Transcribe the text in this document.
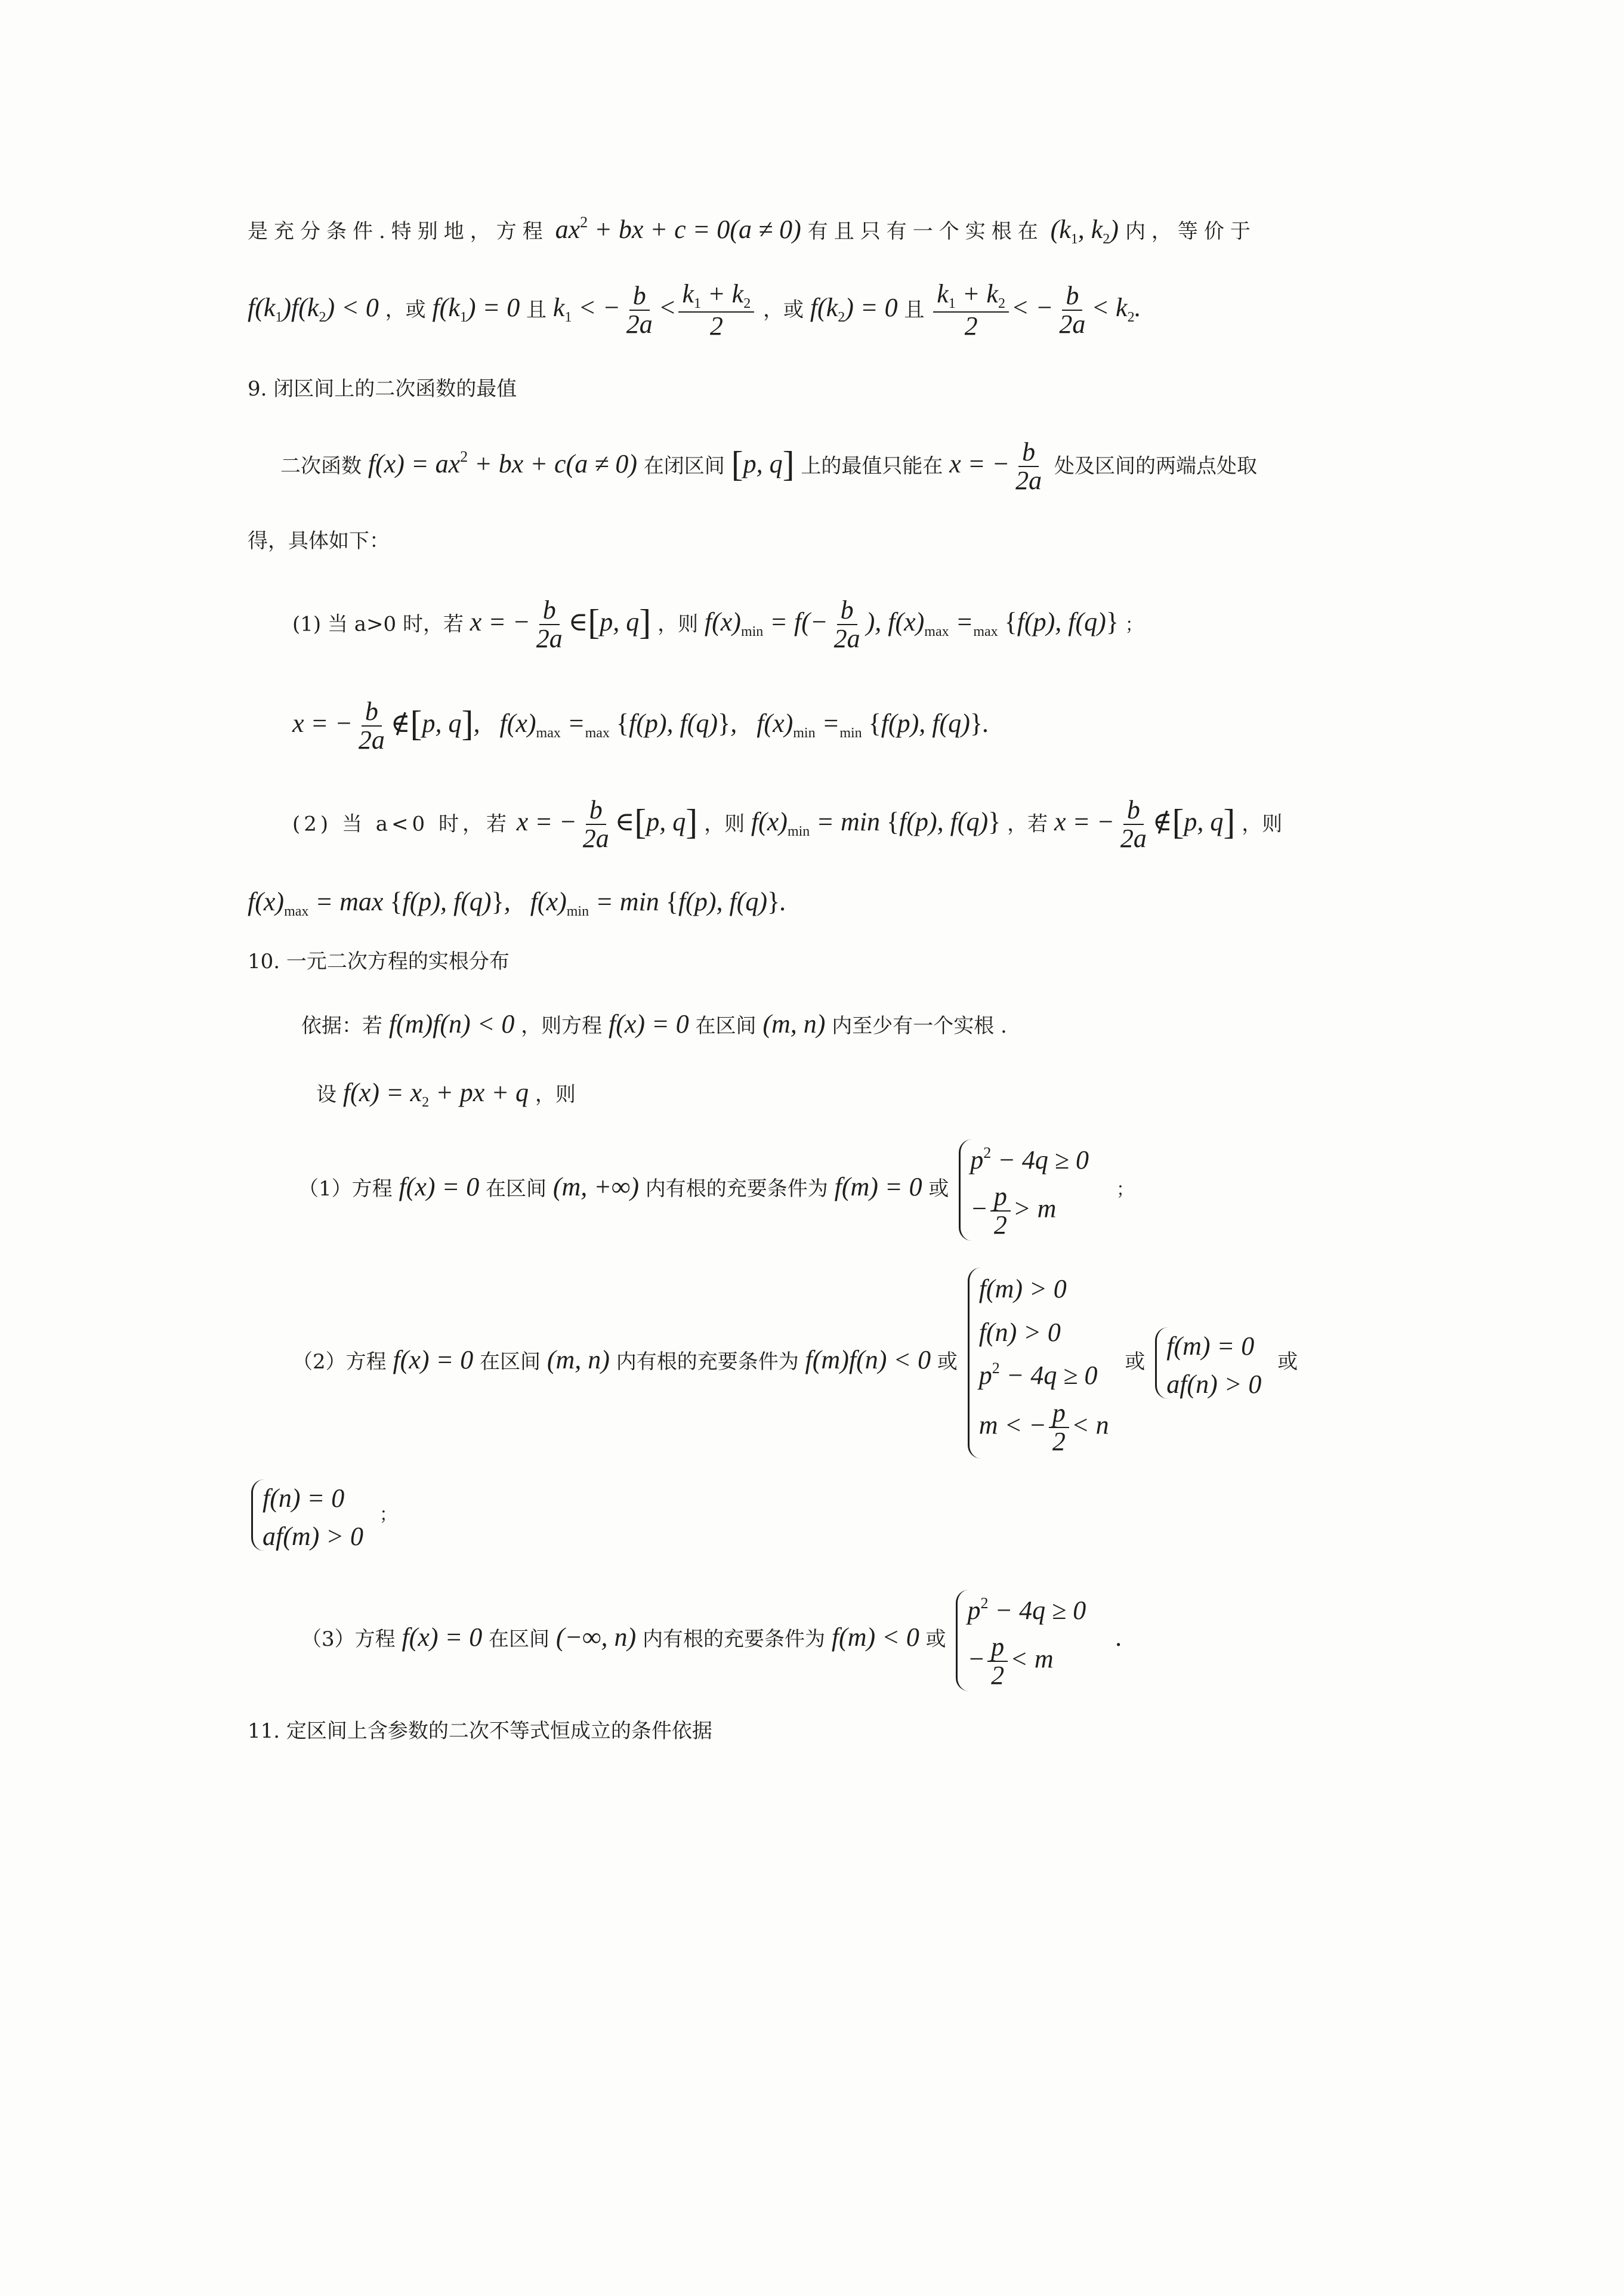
是充分条件.特别地，方程 $ax^2$ + bx + c = 0(a ≠ 0) 有且只有一个实根在 ($k_1$, $k_2$) 内，等价于
$f(k_1)f(k_2) < 0$ ，或 $f(k_1) = 0$ 且 $k_1$ < − $\frac{b}{2a} < \frac{k_1 + k_2}{2}$ ，或 $f(k_2) = 0$ 且 $\frac{k_1 + k_2}{2}$ < − $\frac{b}{2a} < k_2$.
9. 闭区间上的二次函数的最值
二次函数 $f(x) = ax^2$ + bx + c(a ≠ 0) 在闭区间 [p, q] 上的最值只能在 x = − $\frac{b}{2a}$ 处及区间的两端点处取
得，具体如下：
(1) 当 a>0 时，若 x = − $\frac{b}{2a}$ ∈[p, q] ，则 $f(x)_{min} = f(- \frac{b}{2a}$ ), $f(x)_{max} =_{max}$ {f(p), f(q)} ；
x = − $\frac{b}{2a}$ ∉[p, q],   $f(x)_{max} =_{max}$ {f(p), f(q)},   $f(x)_{min} =_{min}$ {f(p), f(q)}.
(2) 当 a<0 时，若 x = − $\frac{b}{2a}$ ∈[p, q] ，则 $f(x)_{min} = \min \{f(p)$, f(q)} ，若 x = − $\frac{b}{2a}$ ∉[p, q] ，则
$f(x)_{max} = \max \{f(p)$, f(q)},   $f(x)_{min} = \min \{f(p)$, f(q)}.
10. 一元二次方程的实根分布
依据：若 f(m)f(n) < 0 ，则方程 f(x) = 0 在区间 (m, n) 内至少有一个实根 .
设 $f(x) = x_2$ + px + q ，则
（1）方程 f(x) = 0 在区间 (m, +∞) 内有根的充要条件为 f(m) = 0 或
$p^2 - 4q \ge 0$
− $\frac{p}{2} > m$
；
（2）方程 f(x) = 0 在区间 (m, n) 内有根的充要条件为 f(m)f(n) < 0 或
f(m) > 0
f(n) > 0
$p^2 - 4q \ge 0$
m < − $\frac{p}{2} < n$
或
f(m) = 0
af(n) > 0
或
f(n) = 0
af(m) > 0
；
（3）方程 f(x) = 0 在区间 (−∞, n) 内有根的充要条件为 f(m) < 0 或
$p^2 - 4q \ge 0$
− $\frac{p}{2} < m$
.
11. 定区间上含参数的二次不等式恒成立的条件依据
